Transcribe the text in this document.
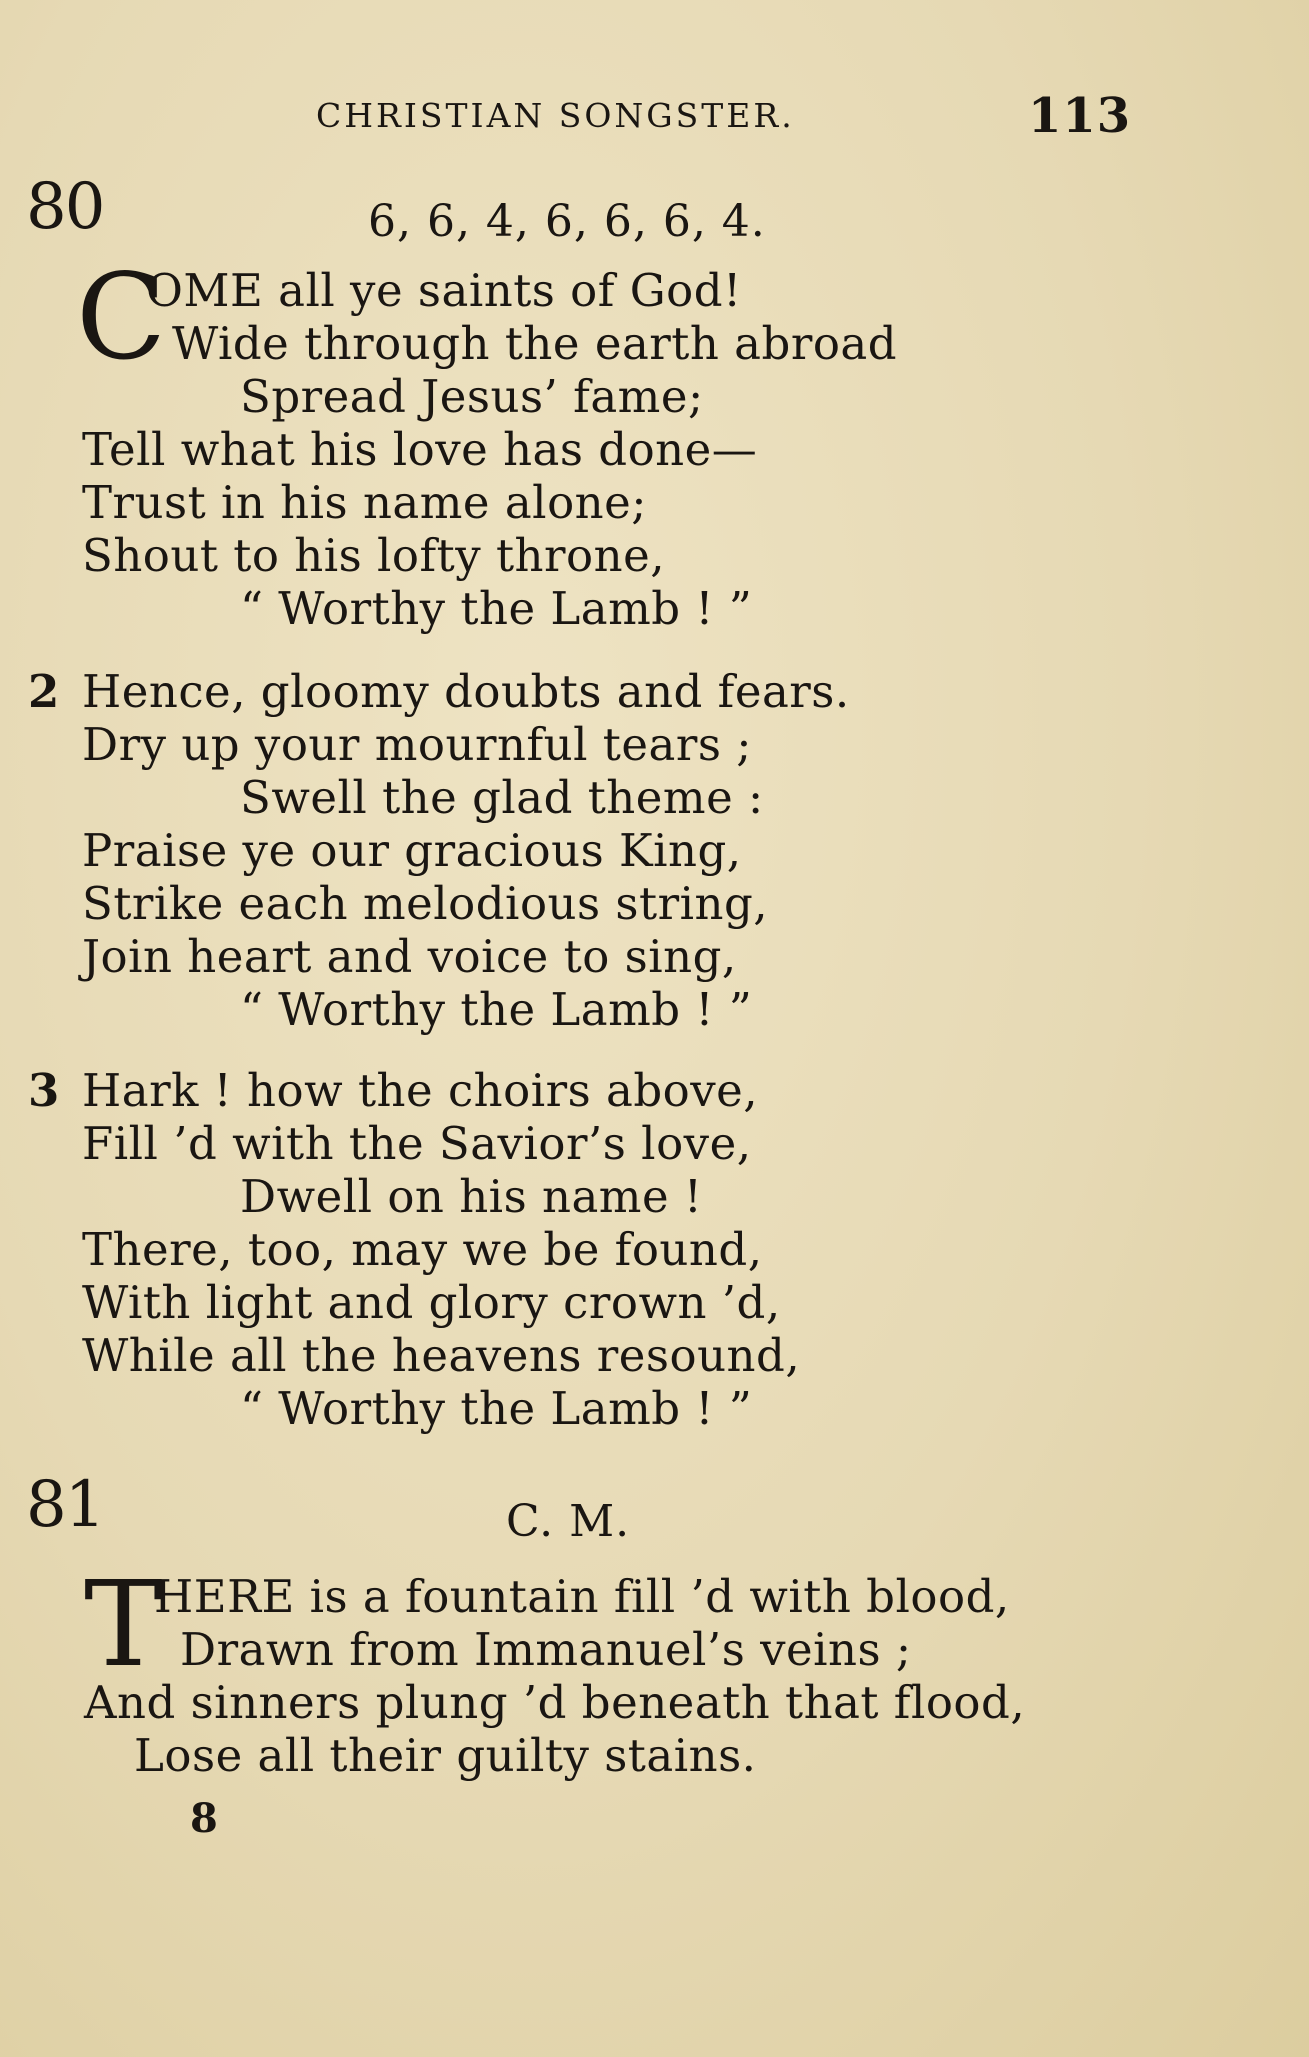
CHRISTIAN SONGSTER.	113
80	6, 6, 4, 6, 6, 6, 4.
C
OME all ye saints of God!
Wide through the earth abroad
Spread Jesus’ fame;
Tell what his love has done—
Trust in his name alone;
Shout to his lofty throne,
“ Worthy the Lamb ! ”
2 Hence, gloomy doubts and fears.
Dry up your mournful tears ;
Swell the glad theme :
Praise ye our gracious King,
Strike each melodious string,
Join heart and voice to sing,
“ Worthy the Lamb ! ”
3 Hark ! how the choirs above,
Fill ’d with the Savior’s love,
Dwell on his name !
There, too, may we be found,
With light and glory crown ’d,
While all the heavens resound,
“ Worthy the Lamb ! ”
81	C. M.
T
HERE is a fountain fill ’d with blood,
Drawn from Immanuel’s veins ;
And sinners plung ’d beneath that flood,
Lose all their guilty stains.
8
